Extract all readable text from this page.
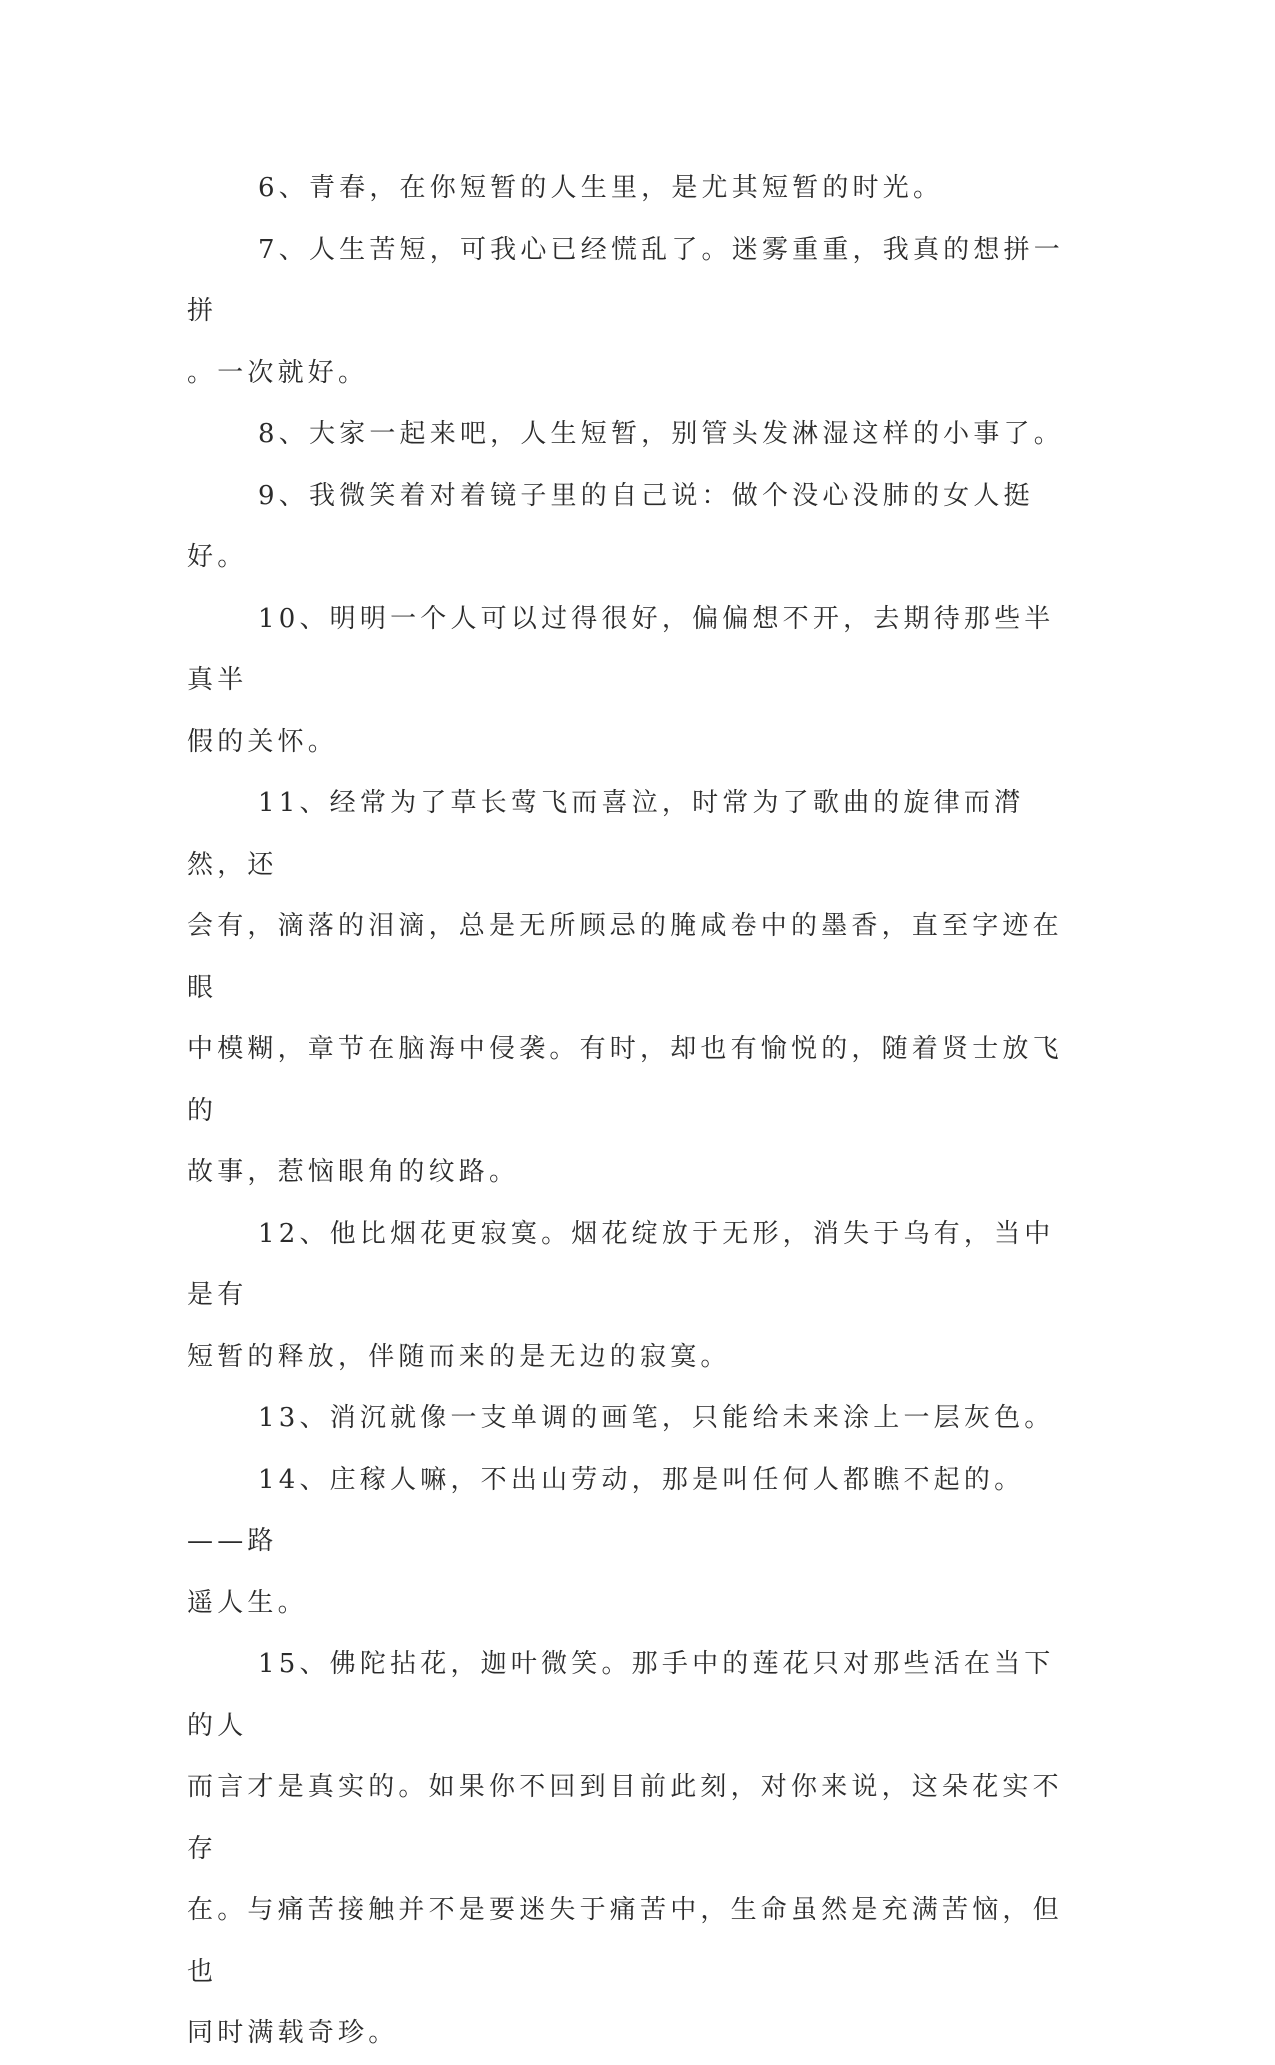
6、青春，在你短暂的人生里，是尤其短暂的时光。

7、人生苦短，可我心已经慌乱了。迷雾重重，我真的想拼一拼
。一次就好。

8、大家一起来吧，人生短暂，别管头发淋湿这样的小事了。

9、我微笑着对着镜子里的自己说：做个没心没肺的女人挺好。

10、明明一个人可以过得很好，偏偏想不开，去期待那些半真半
假的关怀。

11、经常为了草长莺飞而喜泣，时常为了歌曲的旋律而潸然，还
会有，滴落的泪滴，总是无所顾忌的腌咸卷中的墨香，直至字迹在眼
中模糊，章节在脑海中侵袭。有时，却也有愉悦的，随着贤士放飞的
故事，惹恼眼角的纹路。

12、他比烟花更寂寞。烟花绽放于无形，消失于乌有，当中是有
短暂的释放，伴随而来的是无边的寂寞。

13、消沉就像一支单调的画笔，只能给未来涂上一层灰色。

14、庄稼人嘛，不出山劳动，那是叫任何人都瞧不起的。——路
遥人生。

15、佛陀拈花，迦叶微笑。那手中的莲花只对那些活在当下的人
而言才是真实的。如果你不回到目前此刻，对你来说，这朵花实不存
在。与痛苦接触并不是要迷失于痛苦中，生命虽然是充满苦恼，但也
同时满载奇珍。
